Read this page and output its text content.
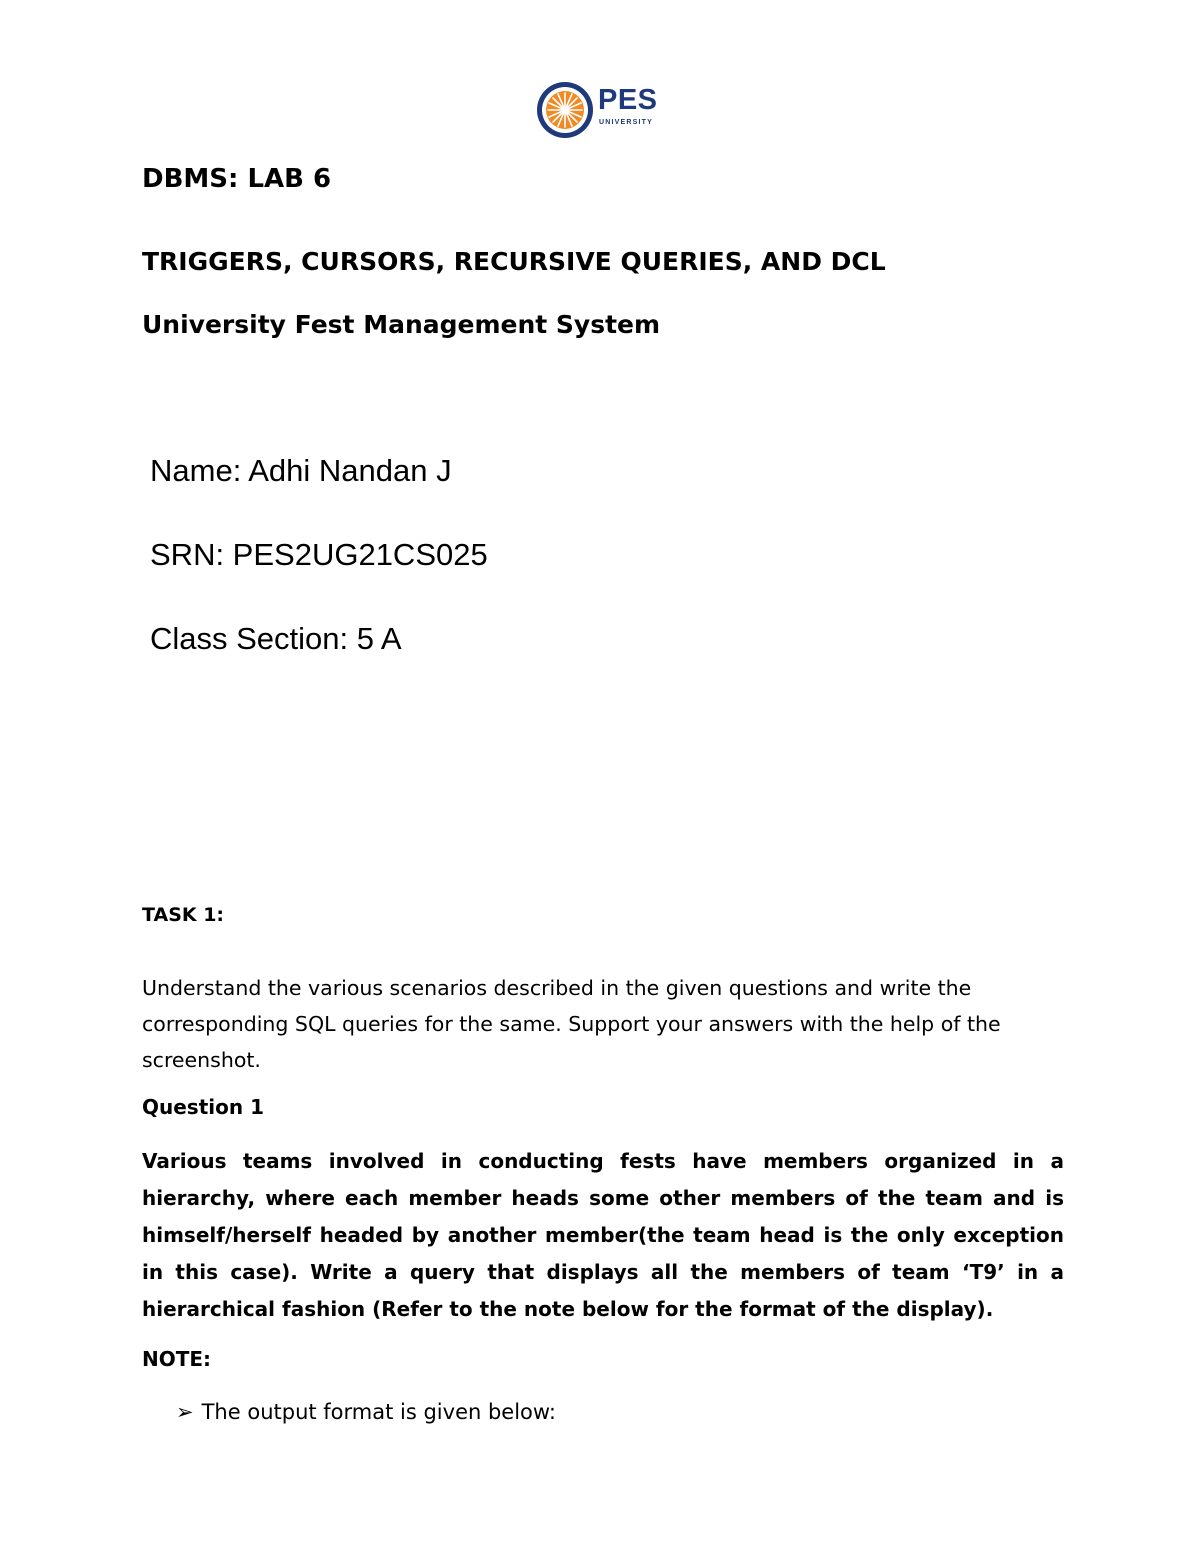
PES
UNIVERSITY
DBMS: LAB 6
TRIGGERS, CURSORS, RECURSIVE QUERIES, AND DCL
University Fest Management System
Name: Adhi Nandan J
SRN: PES2UG21CS025
Class Section: 5 A
TASK 1:
Understand the various scenarios described in the given questions and write the corresponding SQL queries for the same. Support your answers with the help of the screenshot.
Question 1
Various teams involved in conducting fests have members organized in a hierarchy, where each member heads some other members of the team and is himself/herself headed by another member(the team head is the only exception in this case). Write a query that displays all the members of team ‘T9’ in a hierarchical fashion (Refer to the note below for the format of the display).
NOTE:
➢ The output format is given below:
